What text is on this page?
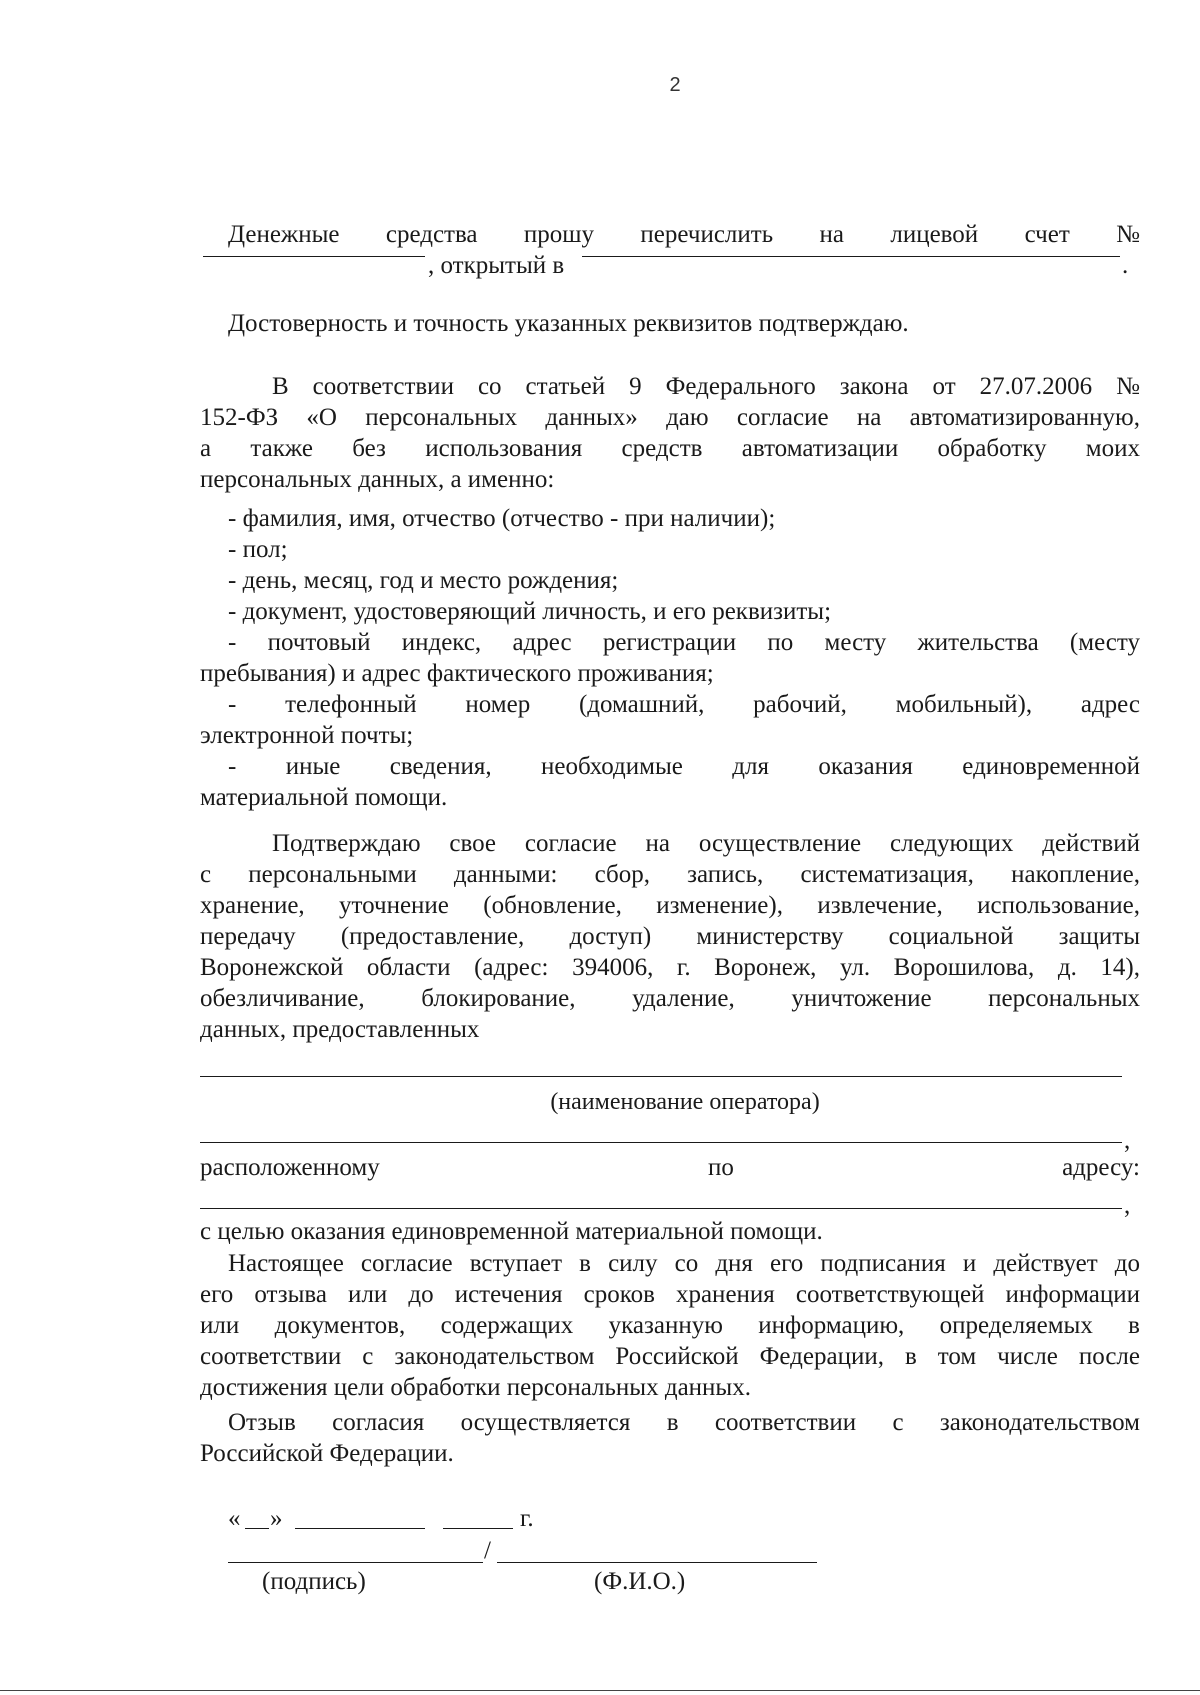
2
Денежные средства прошу перечислить на лицевой счет №
, открытый в	.
Достоверность и точность указанных реквизитов подтверждаю.
В соответствии со статьей 9 Федерального закона от 27.07.2006 №
152-ФЗ «О персональных данных» даю согласие на автоматизированную,
а также без использования средств автоматизации обработку моих
персональных данных, а именно:
- фамилия, имя, отчество (отчество - при наличии);
- пол;
- день, месяц, год и место рождения;
- документ, удостоверяющий личность, и его реквизиты;
- почтовый индекс, адрес регистрации по месту жительства (месту
пребывания) и адрес фактического проживания;
- телефонный номер (домашний, рабочий, мобильный), адрес
электронной почты;
- иные сведения, необходимые для оказания единовременной
материальной помощи.
Подтверждаю свое согласие на осуществление следующих действий
с персональными данными: сбор, запись, систематизация, накопление,
хранение, уточнение (обновление, изменение), извлечение, использование,
передачу (предоставление, доступ) министерству социальной защиты
Воронежской области (адрес: 394006, г. Воронеж, ул. Ворошилова, д. 14),
обезличивание, блокирование, удаление, уничтожение персональных
данных, предоставленных
(наименование оператора)
,
расположенному	по	адресу:
,
с целью оказания единовременной материальной помощи.
Настоящее согласие вступает в силу со дня его подписания и действует до
его отзыва или до истечения сроков хранения соответствующей информации
или документов, содержащих указанную информацию, определяемых в
соответствии с законодательством Российской Федерации, в том числе после
достижения цели обработки персональных данных.
Отзыв согласия осуществляется в соответствии с законодательством
Российской Федерации.
« »	г.
/
(подпись)	(Ф.И.О.)
